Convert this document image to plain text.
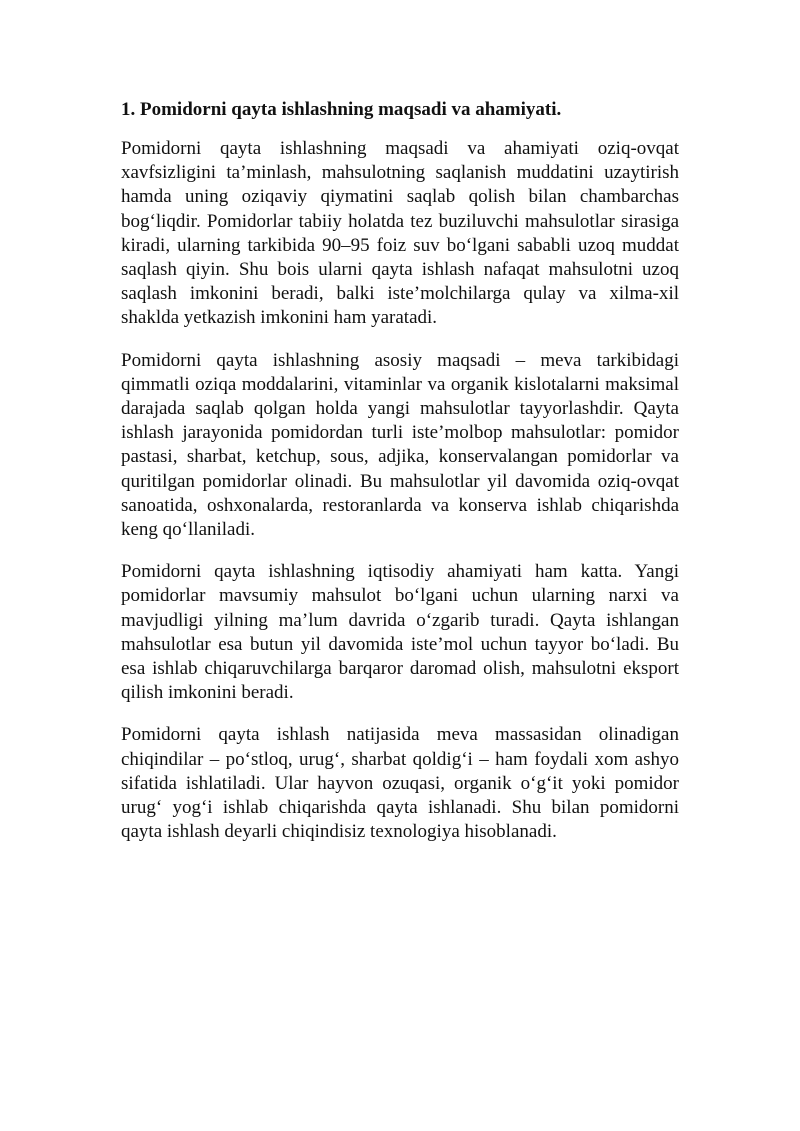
1. Pomidorni qayta ishlashning maqsadi va ahamiyati.

Pomidorni qayta ishlashning maqsadi va ahamiyati oziq-ovqat xavfsizligini ta’minlash, mahsulotning saqlanish muddatini uzaytirish hamda uning oziqaviy qiymatini saqlab qolish bilan chambarchas bog‘liqdir. Pomidorlar tabiiy holatda tez buziluvchi mahsulotlar sirasiga kiradi, ularning tarkibida 90–95 foiz suv bo‘lgani sababli uzoq muddat saqlash qiyin. Shu bois ularni qayta ishlash nafaqat mahsulotni uzoq saqlash imkonini beradi, balki iste’molchilarga qulay va xilma-xil shaklda yetkazish imkonini ham yaratadi.

Pomidorni qayta ishlashning asosiy maqsadi – meva tarkibidagi qimmatli oziqa moddalarini, vitaminlar va organik kislotalarni maksimal darajada saqlab qolgan holda yangi mahsulotlar tayyorlashdir. Qayta ishlash jarayonida pomidordan turli iste’molbop mahsulotlar: pomidor pastasi, sharbat, ketchup, sous, adjika, konservalangan pomidorlar va quritilgan pomidorlar olinadi. Bu mahsulotlar yil davomida oziq-ovqat sanoatida, oshxonalarda, restoranlarda va konserva ishlab chiqarishda keng qo‘llaniladi.

Pomidorni qayta ishlashning iqtisodiy ahamiyati ham katta. Yangi pomidorlar mavsumiy mahsulot bo‘lgani uchun ularning narxi va mavjudligi yilning ma’lum davrida o‘zgarib turadi. Qayta ishlangan mahsulotlar esa butun yil davomida iste’mol uchun tayyor bo‘ladi. Bu esa ishlab chiqaruvchilarga barqaror daromad olish, mahsulotni eksport qilish imkonini beradi.

Pomidorni qayta ishlash natijasida meva massasidan olinadigan chiqindilar – po‘stloq, urug‘, sharbat qoldig‘i – ham foydali xom ashyo sifatida ishlatiladi. Ular hayvon ozuqasi, organik o‘g‘it yoki pomidor urug‘ yog‘i ishlab chiqarishda qayta ishlanadi. Shu bilan pomidorni qayta ishlash deyarli chiqindisiz texnologiya hisoblanadi.
